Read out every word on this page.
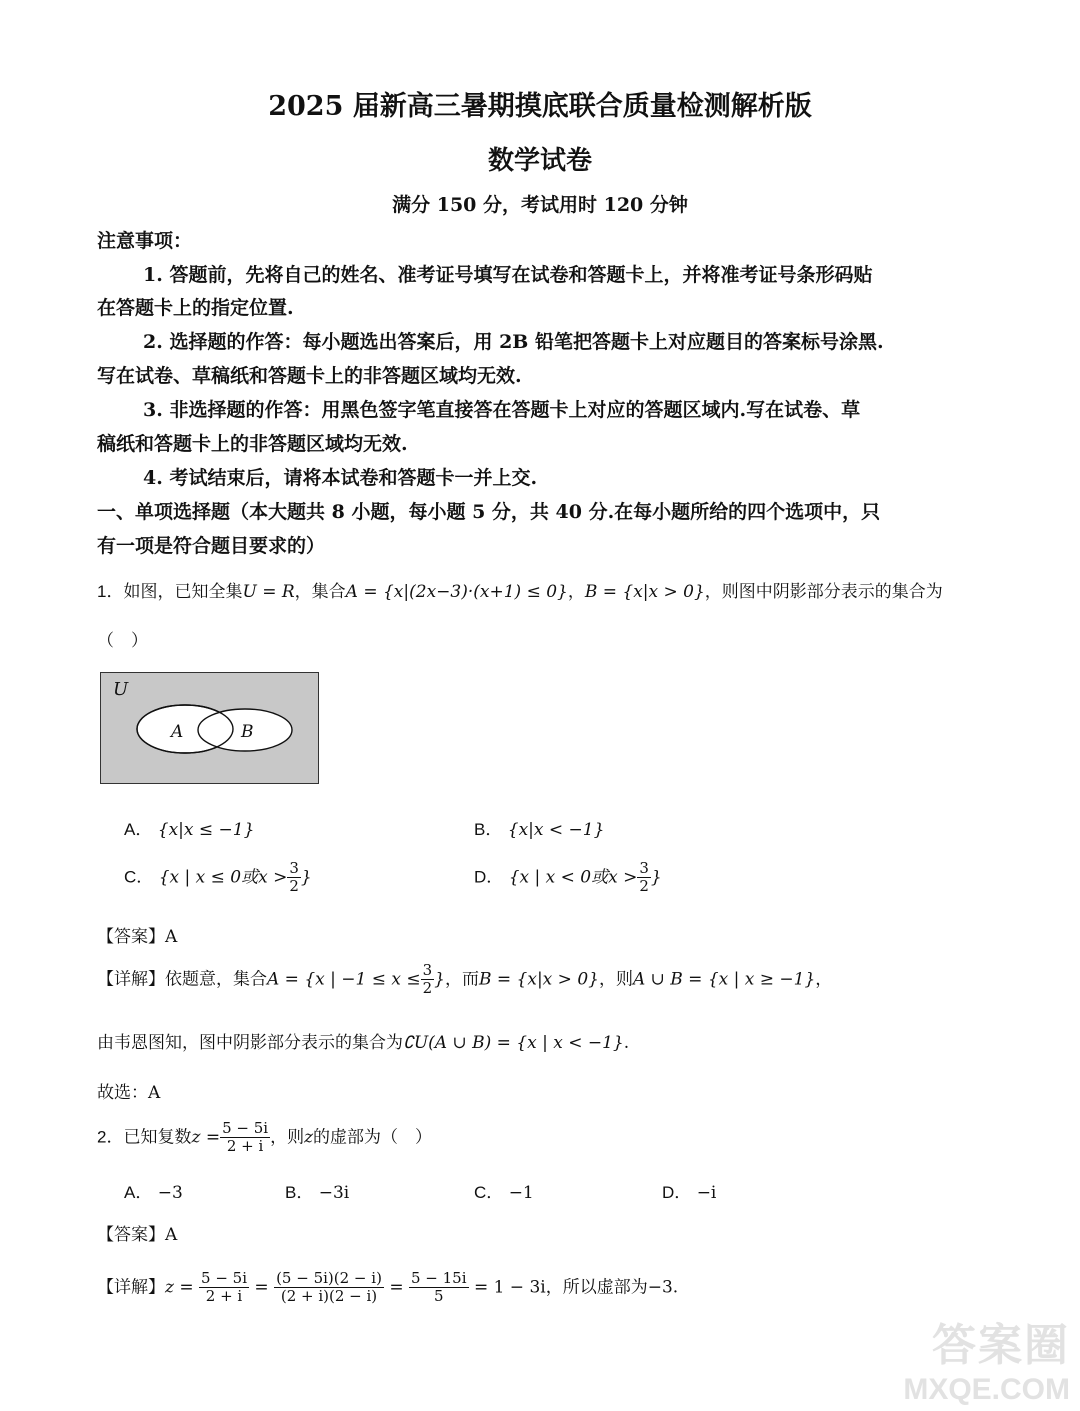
2025 届新高三暑期摸底联合质量检测解析版
数学试卷
满分 150 分，考试用时 120 分钟
注意事项：
1. 答题前，先将自己的姓名、准考证号填写在试卷和答题卡上，并将准考证号条形码贴
在答题卡上的指定位置.
2. 选择题的作答：每小题选出答案后，用 2B 铅笔把答题卡上对应题目的答案标号涂黑.
写在试卷、草稿纸和答题卡上的非答题区域均无效.
3. 非选择题的作答：用黑色签字笔直接答在答题卡上对应的答题区域内.写在试卷、草
稿纸和答题卡上的非答题区域均无效.
4. 考试结束后，请将本试卷和答题卡一并上交.
一、单项选择题（本大题共 8 小题，每小题 5 分，共 40 分.在每小题所给的四个选项中，只
有一项是符合题目要求的）
1．如图，已知全集U = R，集合A = {x|(2x−3)·(x+1) ≤ 0}，B = {x|x > 0}，则图中阴影部分表示的集合为
（　）
U
A	B
A． {x|x ≤ −1}	B． {x|x < −1}
C． {x | x ≤ 0或$x > \frac{3}{2}$ }	D． {x | x < 0或$x > \frac{3}{2}$ }
【答案】A
【详解】依题意，集合A = {x | $-1 \le x \le \frac{3}{2}$ }，而B = {x|x > 0}，则A ∪ B = {x | x ≥ −1}，
由韦恩图知，图中阴影部分表示的集合为∁U(A ∪ B) = {x | x < −1}.
故选：A
2．已知复数$z = \frac{5 - 5i}{2 + i}$ ，则z的虚部为（　）
A． −3	B． −3i	C． −1	D． −i
【答案】A
【详解】$z = \frac{5 - 5i}{2 + i} = \frac{(5 - 5i)(2 - i)}{(2 + i)(2 - i)} = \frac{5 - 15i}{5} = 1 - 3i$，所以虚部为−3.
答案圈
MXQE.COM
